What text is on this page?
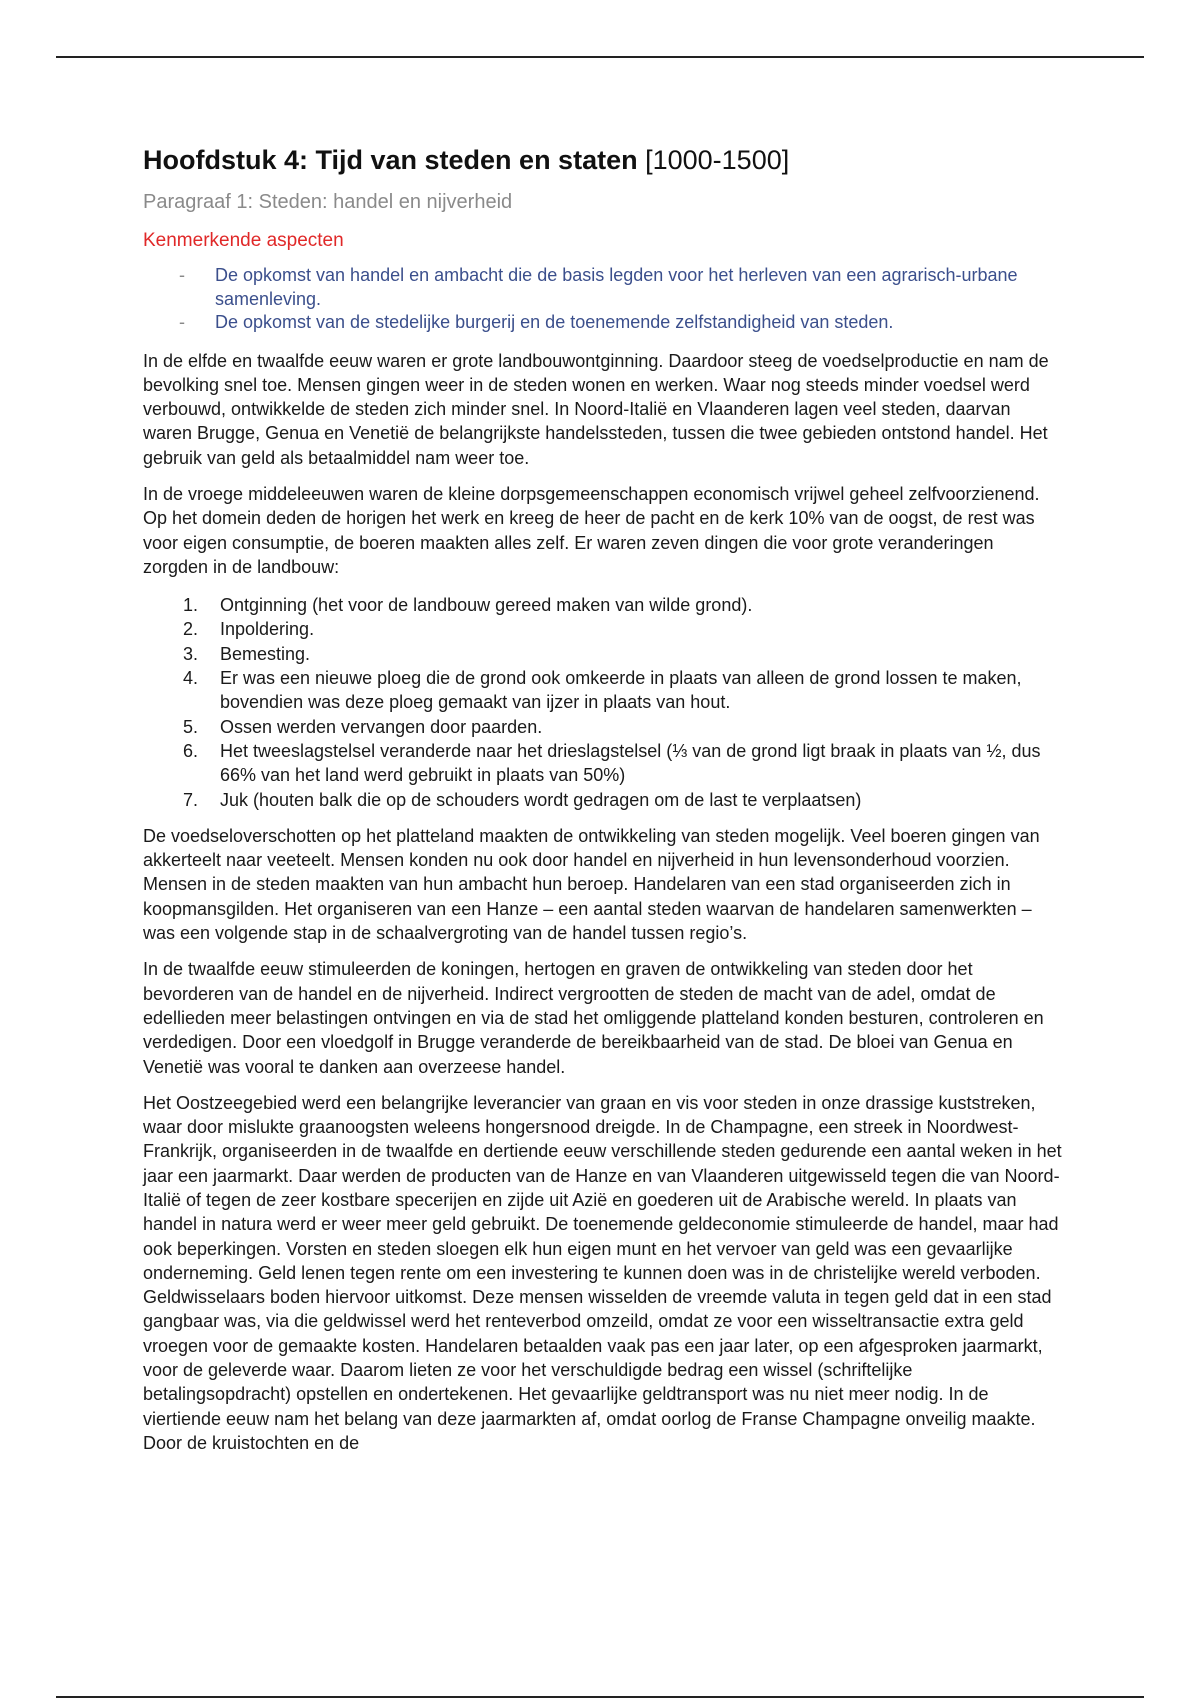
Hoofdstuk 4: Tijd van steden en staten [1000-1500]
Paragraaf 1: Steden: handel en nijverheid
Kenmerkende aspecten
- De opkomst van handel en ambacht die de basis legden voor het herleven van een agrarisch-urbane samenleving.
- De opkomst van de stedelijke burgerij en de toenemende zelfstandigheid van steden.

In de elfde en twaalfde eeuw waren er grote landbouwontginning. Daardoor steeg de voedselproductie en nam de bevolking snel toe. Mensen gingen weer in de steden wonen en werken. Waar nog steeds minder voedsel werd verbouwd, ontwikkelde de steden zich minder snel. In Noord-Italië en Vlaanderen lagen veel steden, daarvan waren Brugge, Genua en Venetië de belangrijkste handelssteden, tussen die twee gebieden ontstond handel. Het gebruik van geld als betaalmiddel nam weer toe.

In de vroege middeleeuwen waren de kleine dorpsgemeenschappen economisch vrijwel geheel zelfvoorzienend. Op het domein deden de horigen het werk en kreeg de heer de pacht en de kerk 10% van de oogst, de rest was voor eigen consumptie, de boeren maakten alles zelf. Er waren zeven dingen die voor grote veranderingen zorgden in de landbouw:

1. Ontginning (het voor de landbouw gereed maken van wilde grond).
2. Inpoldering.
3. Bemesting.
4. Er was een nieuwe ploeg die de grond ook omkeerde in plaats van alleen de grond lossen te maken, bovendien was deze ploeg gemaakt van ijzer in plaats van hout.
5. Ossen werden vervangen door paarden.
6. Het tweeslagstelsel veranderde naar het drieslagstelsel (⅓ van de grond ligt braak in plaats van ½, dus 66% van het land werd gebruikt in plaats van 50%)
7. Juk (houten balk die op de schouders wordt gedragen om de last te verplaatsen)

De voedseloverschotten op het platteland maakten de ontwikkeling van steden mogelijk. Veel boeren gingen van akkerteelt naar veeteelt. Mensen konden nu ook door handel en nijverheid in hun levensonderhoud voorzien. Mensen in de steden maakten van hun ambacht hun beroep. Handelaren van een stad organiseerden zich in koopmansgilden. Het organiseren van een Hanze – een aantal steden waarvan de handelaren samenwerkten – was een volgende stap in de schaalvergroting van de handel tussen regio’s.

In de twaalfde eeuw stimuleerden de koningen, hertogen en graven de ontwikkeling van steden door het bevorderen van de handel en de nijverheid. Indirect vergrootten de steden de macht van de adel, omdat de edellieden meer belastingen ontvingen en via de stad het omliggende platteland konden besturen, controleren en verdedigen. Door een vloedgolf in Brugge veranderde de bereikbaarheid van de stad. De bloei van Genua en Venetië was vooral te danken aan overzeese handel.

Het Oostzeegebied werd een belangrijke leverancier van graan en vis voor steden in onze drassige kuststreken, waar door mislukte graanoogsten weleens hongersnood dreigde. In de Champagne, een streek in Noordwest-Frankrijk, organiseerden in de twaalfde en dertiende eeuw verschillende steden gedurende een aantal weken in het jaar een jaarmarkt. Daar werden de producten van de Hanze en van Vlaanderen uitgewisseld tegen die van Noord-Italië of tegen de zeer kostbare specerijen en zijde uit Azië en goederen uit de Arabische wereld. In plaats van handel in natura werd er weer meer geld gebruikt. De toenemende geldeconomie stimuleerde de handel, maar had ook beperkingen. Vorsten en steden sloegen elk hun eigen munt en het vervoer van geld was een gevaarlijke onderneming. Geld lenen tegen rente om een investering te kunnen doen was in de christelijke wereld verboden. Geldwisselaars boden hiervoor uitkomst. Deze mensen wisselden de vreemde valuta in tegen geld dat in een stad gangbaar was, via die geldwissel werd het renteverbod omzeild, omdat ze voor een wisseltransactie extra geld vroegen voor de gemaakte kosten. Handelaren betaalden vaak pas een jaar later, op een afgesproken jaarmarkt, voor de geleverde waar. Daarom lieten ze voor het verschuldigde bedrag een wissel (schriftelijke betalingsopdracht) opstellen en ondertekenen. Het gevaarlijke geldtransport was nu niet meer nodig. In de viertiende eeuw nam het belang van deze jaarmarkten af, omdat oorlog de Franse Champagne onveilig maakte. Door de kruistochten en de
